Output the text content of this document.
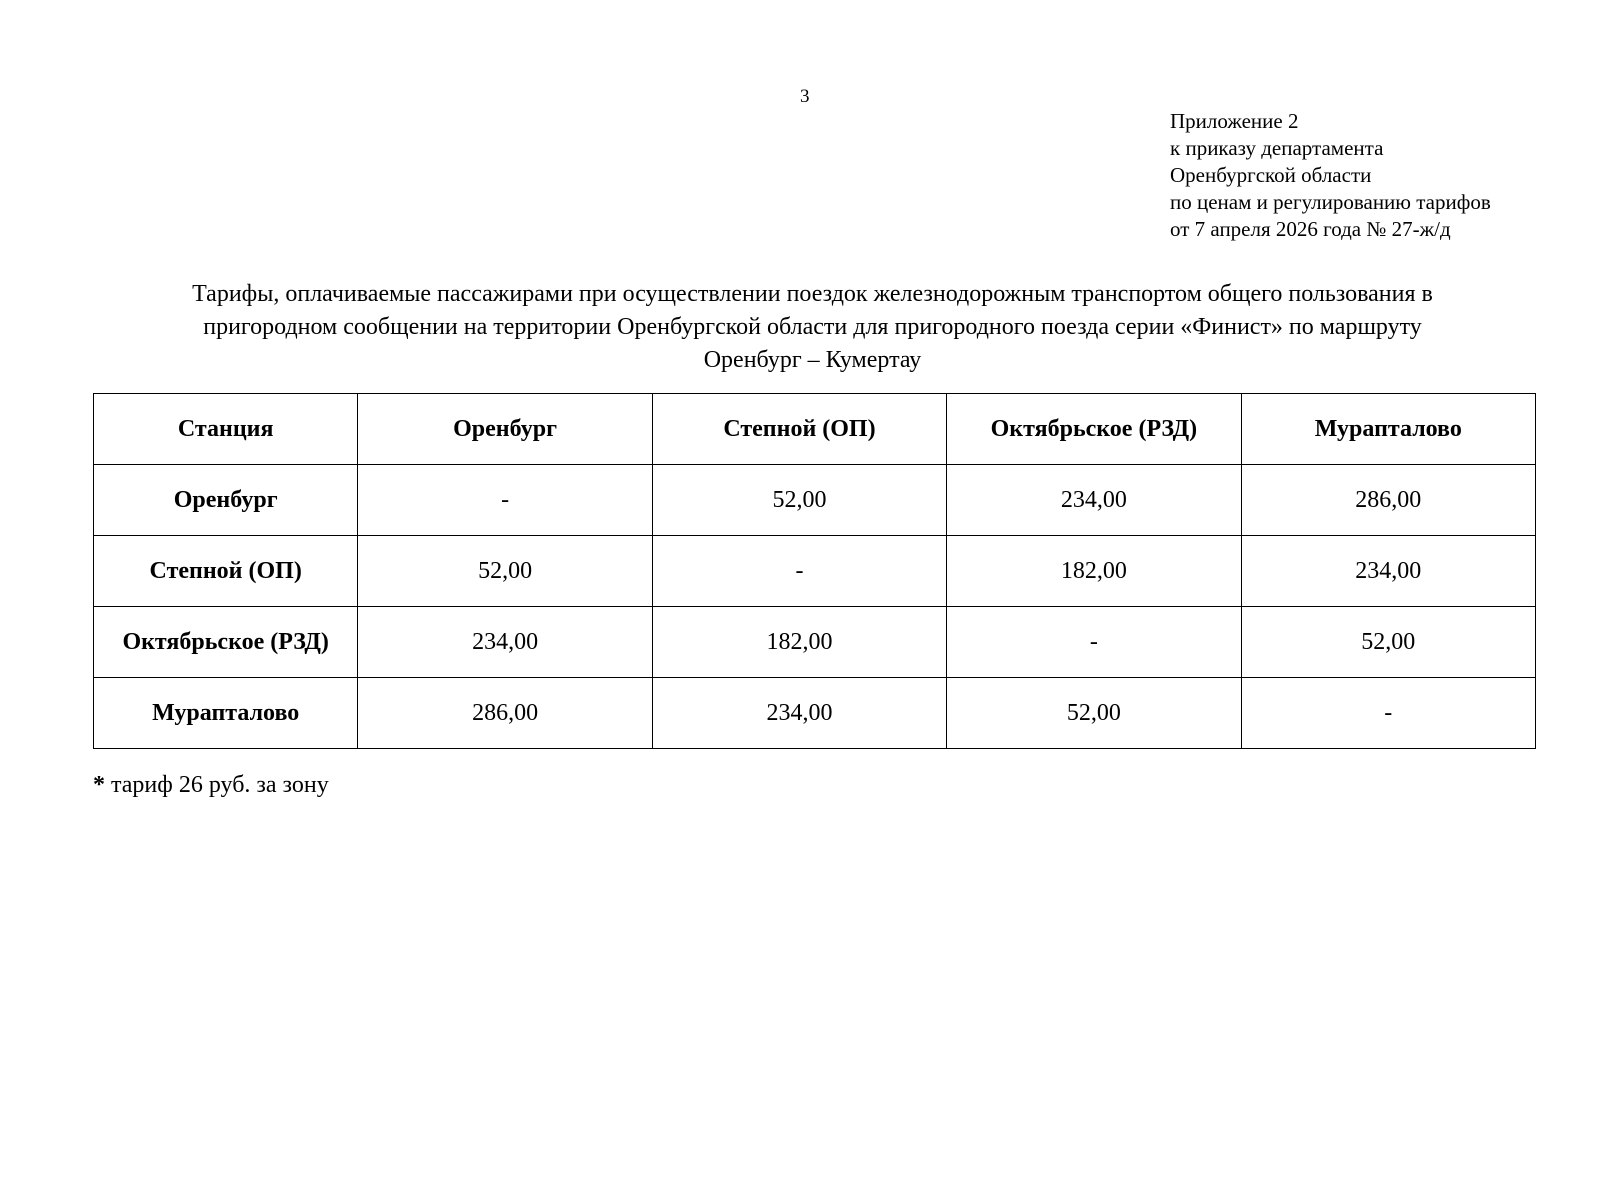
3
Приложение 2
к приказу департамента
Оренбургской области
по ценам и регулированию тарифов
от 7 апреля 2026 года № 27-ж/д
Тарифы, оплачиваемые пассажирами при осуществлении поездок железнодорожным транспортом общего пользования в
пригородном сообщении на территории Оренбургской области для пригородного поезда серии «Финист» по маршруту
Оренбург – Кумертау
Станция	Оренбург	Степной (ОП)	Октябрьское (РЗД)	Мурапталово
Оренбург	-	52,00	234,00	286,00
Степной (ОП)	52,00	-	182,00	234,00
Октябрьское (РЗД)	234,00	182,00	-	52,00
Мурапталово	286,00	234,00	52,00	-
* тариф 26 руб. за зону
